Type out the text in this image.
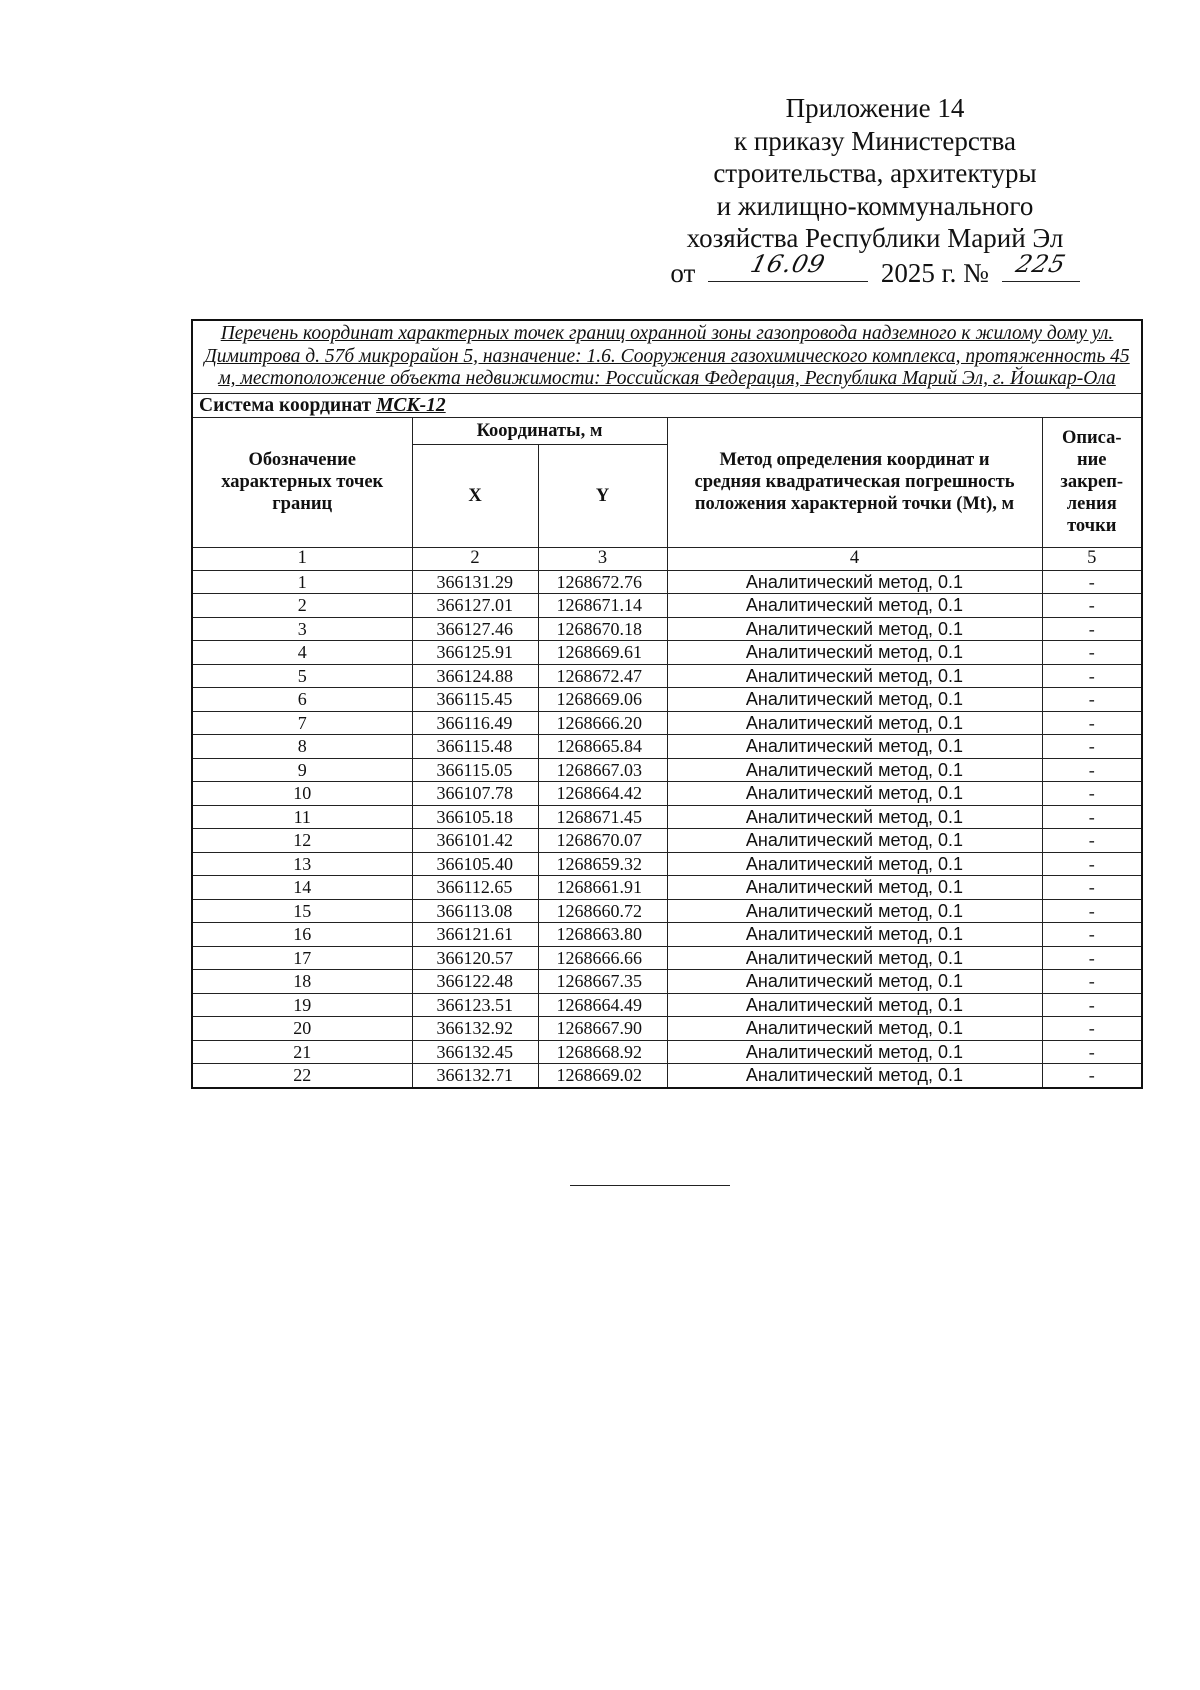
Приложение 14
к приказу Министерства
строительства, архитектуры
и жилищно-коммунального
хозяйства Республики Марий Эл
от	16.09	2025 г. № 225
Перечень координат характерных точек границ охранной зоны газопровода надземного к жилому дому ул. Димитрова д. 57б микрорайон 5, назначение: 1.6. Сооружения газохимического комплекса, протяженность 45 м, местоположение объекта недвижимости: Российская Федерация, Республика Марий Эл, г. Йошкар-Ола				
Система координат МСК-12				
Обозначение характерных точек границ	Координаты, м		Метод определения координат и средняя квадратическая погрешность положения характерной точки (Mt), м	Описа-ние закреп-ления точки
	X	Y		
1	2	3	4	5
1	366131.29	1268672.76	Аналитический метод, 0.1	-
2	366127.01	1268671.14	Аналитический метод, 0.1	-
3	366127.46	1268670.18	Аналитический метод, 0.1	-
4	366125.91	1268669.61	Аналитический метод, 0.1	-
5	366124.88	1268672.47	Аналитический метод, 0.1	-
6	366115.45	1268669.06	Аналитический метод, 0.1	-
7	366116.49	1268666.20	Аналитический метод, 0.1	-
8	366115.48	1268665.84	Аналитический метод, 0.1	-
9	366115.05	1268667.03	Аналитический метод, 0.1	-
10	366107.78	1268664.42	Аналитический метод, 0.1	-
11	366105.18	1268671.45	Аналитический метод, 0.1	-
12	366101.42	1268670.07	Аналитический метод, 0.1	-
13	366105.40	1268659.32	Аналитический метод, 0.1	-
14	366112.65	1268661.91	Аналитический метод, 0.1	-
15	366113.08	1268660.72	Аналитический метод, 0.1	-
16	366121.61	1268663.80	Аналитический метод, 0.1	-
17	366120.57	1268666.66	Аналитический метод, 0.1	-
18	366122.48	1268667.35	Аналитический метод, 0.1	-
19	366123.51	1268664.49	Аналитический метод, 0.1	-
20	366132.92	1268667.90	Аналитический метод, 0.1	-
21	366132.45	1268668.92	Аналитический метод, 0.1	-
22	366132.71	1268669.02	Аналитический метод, 0.1	-
